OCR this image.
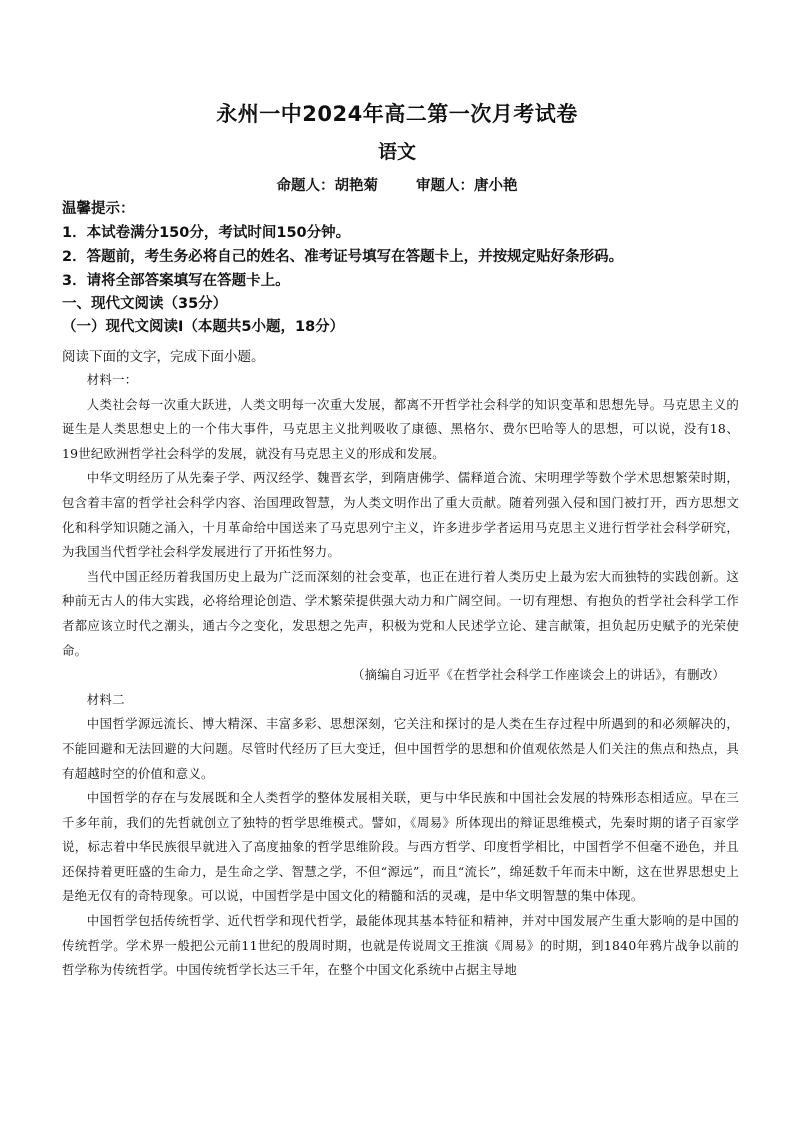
永州一中2024年高二第一次月考试卷
语文
命题人：胡艳菊	审题人：唐小艳
温馨提示：
1．本试卷满分150分，考试时间150分钟。
2．答题前，考生务必将自己的姓名、准考证号填写在答题卡上，并按规定贴好条形码。
3．请将全部答案填写在答题卡上。
一、现代文阅读（35分）
（一）现代文阅读Ⅰ（本题共5小题，18分）
阅读下面的文字，完成下面小题。

材料一：

人类社会每一次重大跃进，人类文明每一次重大发展，都离不开哲学社会科学的知识变革和思想先导。马克思主义的诞生是人类思想史上的一个伟大事件，马克思主义批判吸收了康德、黑格尔、费尔巴哈等人的思想，可以说，没有18、19世纪欧洲哲学社会科学的发展，就没有马克思主义的形成和发展。

中华文明经历了从先秦子学、两汉经学、魏晋玄学，到隋唐佛学、儒释道合流、宋明理学等数个学术思想繁荣时期，包含着丰富的哲学社会科学内容、治国理政智慧，为人类文明作出了重大贡献。随着列强入侵和国门被打开，西方思想文化和科学知识随之涌入，十月革命给中国送来了马克思列宁主义，许多进步学者运用马克思主义进行哲学社会科学研究，为我国当代哲学社会科学发展进行了开拓性努力。

当代中国正经历着我国历史上最为广泛而深刻的社会变革，也正在进行着人类历史上最为宏大而独特的实践创新。这种前无古人的伟大实践，必将给理论创造、学术繁荣提供强大动力和广阔空间。一切有理想、有抱负的哲学社会科学工作者都应该立时代之潮头，通古今之变化，发思想之先声，积极为党和人民述学立论、建言献策，担负起历史赋予的光荣使命。

（摘编自习近平《在哲学社会科学工作座谈会上的讲话》，有删改）

材料二

中国哲学源远流长、博大精深、丰富多彩、思想深刻，它关注和探讨的是人类在生存过程中所遇到的和必须解决的，不能回避和无法回避的大问题。尽管时代经历了巨大变迁，但中国哲学的思想和价值观依然是人们关注的焦点和热点，具有超越时空的价值和意义。

中国哲学的存在与发展既和全人类哲学的整体发展相关联，更与中华民族和中国社会发展的特殊形态相适应。早在三千多年前，我们的先哲就创立了独特的哲学思维模式。譬如，《周易》所体现出的辩证思维模式，先秦时期的诸子百家学说，标志着中华民族很早就进入了高度抽象的哲学思维阶段。与西方哲学、印度哲学相比，中国哲学不但毫不逊色，并且还保持着更旺盛的生命力，是生命之学、智慧之学，不但“源远”，而且“流长”，绵延数千年而未中断，这在世界思想史上是绝无仅有的奇特现象。可以说，中国哲学是中国文化的精髓和活的灵魂，是中华文明智慧的集中体现。

中国哲学包括传统哲学、近代哲学和现代哲学，最能体现其基本特征和精神，并对中国发展产生重大影响的是中国的传统哲学。学术界一般把公元前11世纪的殷周时期，也就是传说周文王推演《周易》的时期，到1840年鸦片战争以前的哲学称为传统哲学。中国传统哲学长达三千年，在整个中国文化系统中占据主导地
